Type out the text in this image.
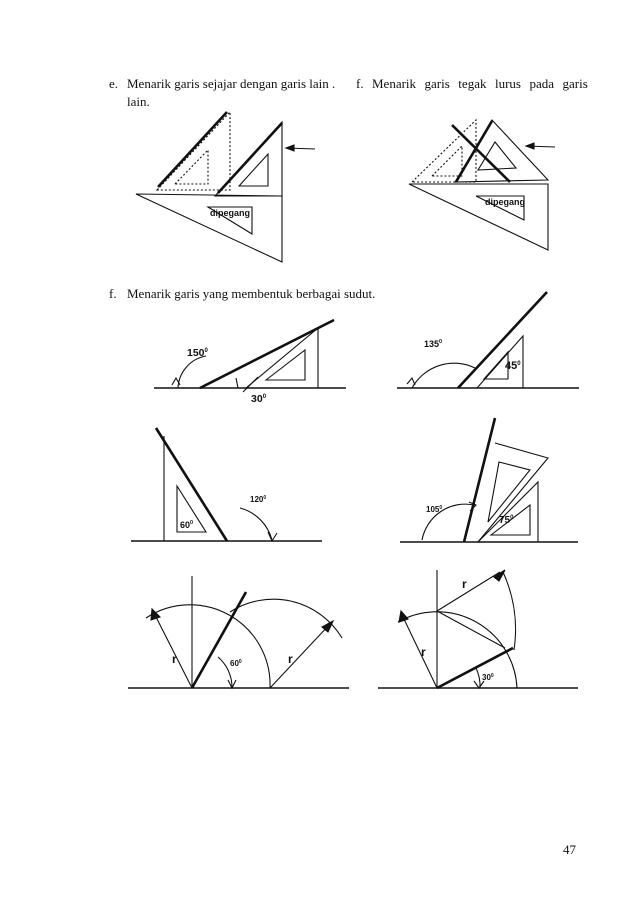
e. Menarik garis sejajar dengan garis lain .
lain.
f. Menarik  garis  tegak  lurus  pada  garis
f. Menarik garis yang membentuk berbagai sudut.
dipegang
dipegang
$150^0$
$30^0$
$135^0$
$45^0$
$120^0$
$60^0$
$105^0$
$75^0$
r	r
$60^0$
r
r
$30^0$
47
